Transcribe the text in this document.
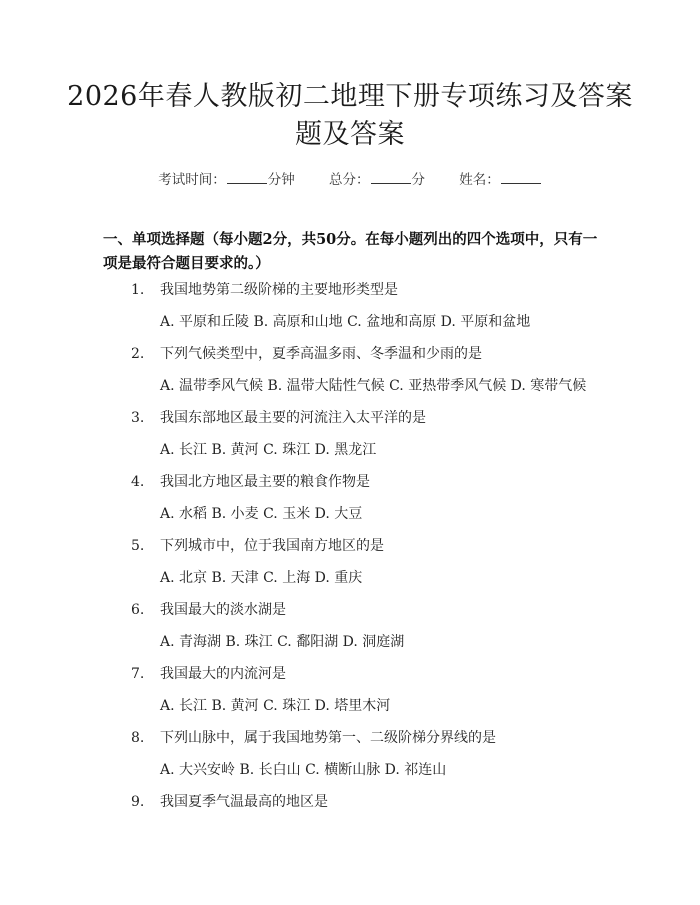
2026年春人教版初二地理下册专项练习及答案题及答案
考试时间：	分钟	总分：	分	姓名：

一、单项选择题（每小题2分，共50分。在每小题列出的四个选项中，只有一项是最符合题目要求的。）

1. 我国地势第二级阶梯的主要地形类型是
A. 平原和丘陵 B. 高原和山地 C. 盆地和高原 D. 平原和盆地
2. 下列气候类型中，夏季高温多雨、冬季温和少雨的是
A. 温带季风气候 B. 温带大陆性气候 C. 亚热带季风气候 D. 寒带气候
3. 我国东部地区最主要的河流注入太平洋的是
A. 长江 B. 黄河 C. 珠江 D. 黑龙江
4. 我国北方地区最主要的粮食作物是
A. 水稻 B. 小麦 C. 玉米 D. 大豆
5. 下列城市中，位于我国南方地区的是
A. 北京 B. 天津 C. 上海 D. 重庆
6. 我国最大的淡水湖是
A. 青海湖 B. 珠江 C. 鄱阳湖 D. 洞庭湖
7. 我国最大的内流河是
A. 长江 B. 黄河 C. 珠江 D. 塔里木河
8. 下列山脉中，属于我国地势第一、二级阶梯分界线的是
A. 大兴安岭 B. 长白山 C. 横断山脉 D. 祁连山
9. 我国夏季气温最高的地区是
